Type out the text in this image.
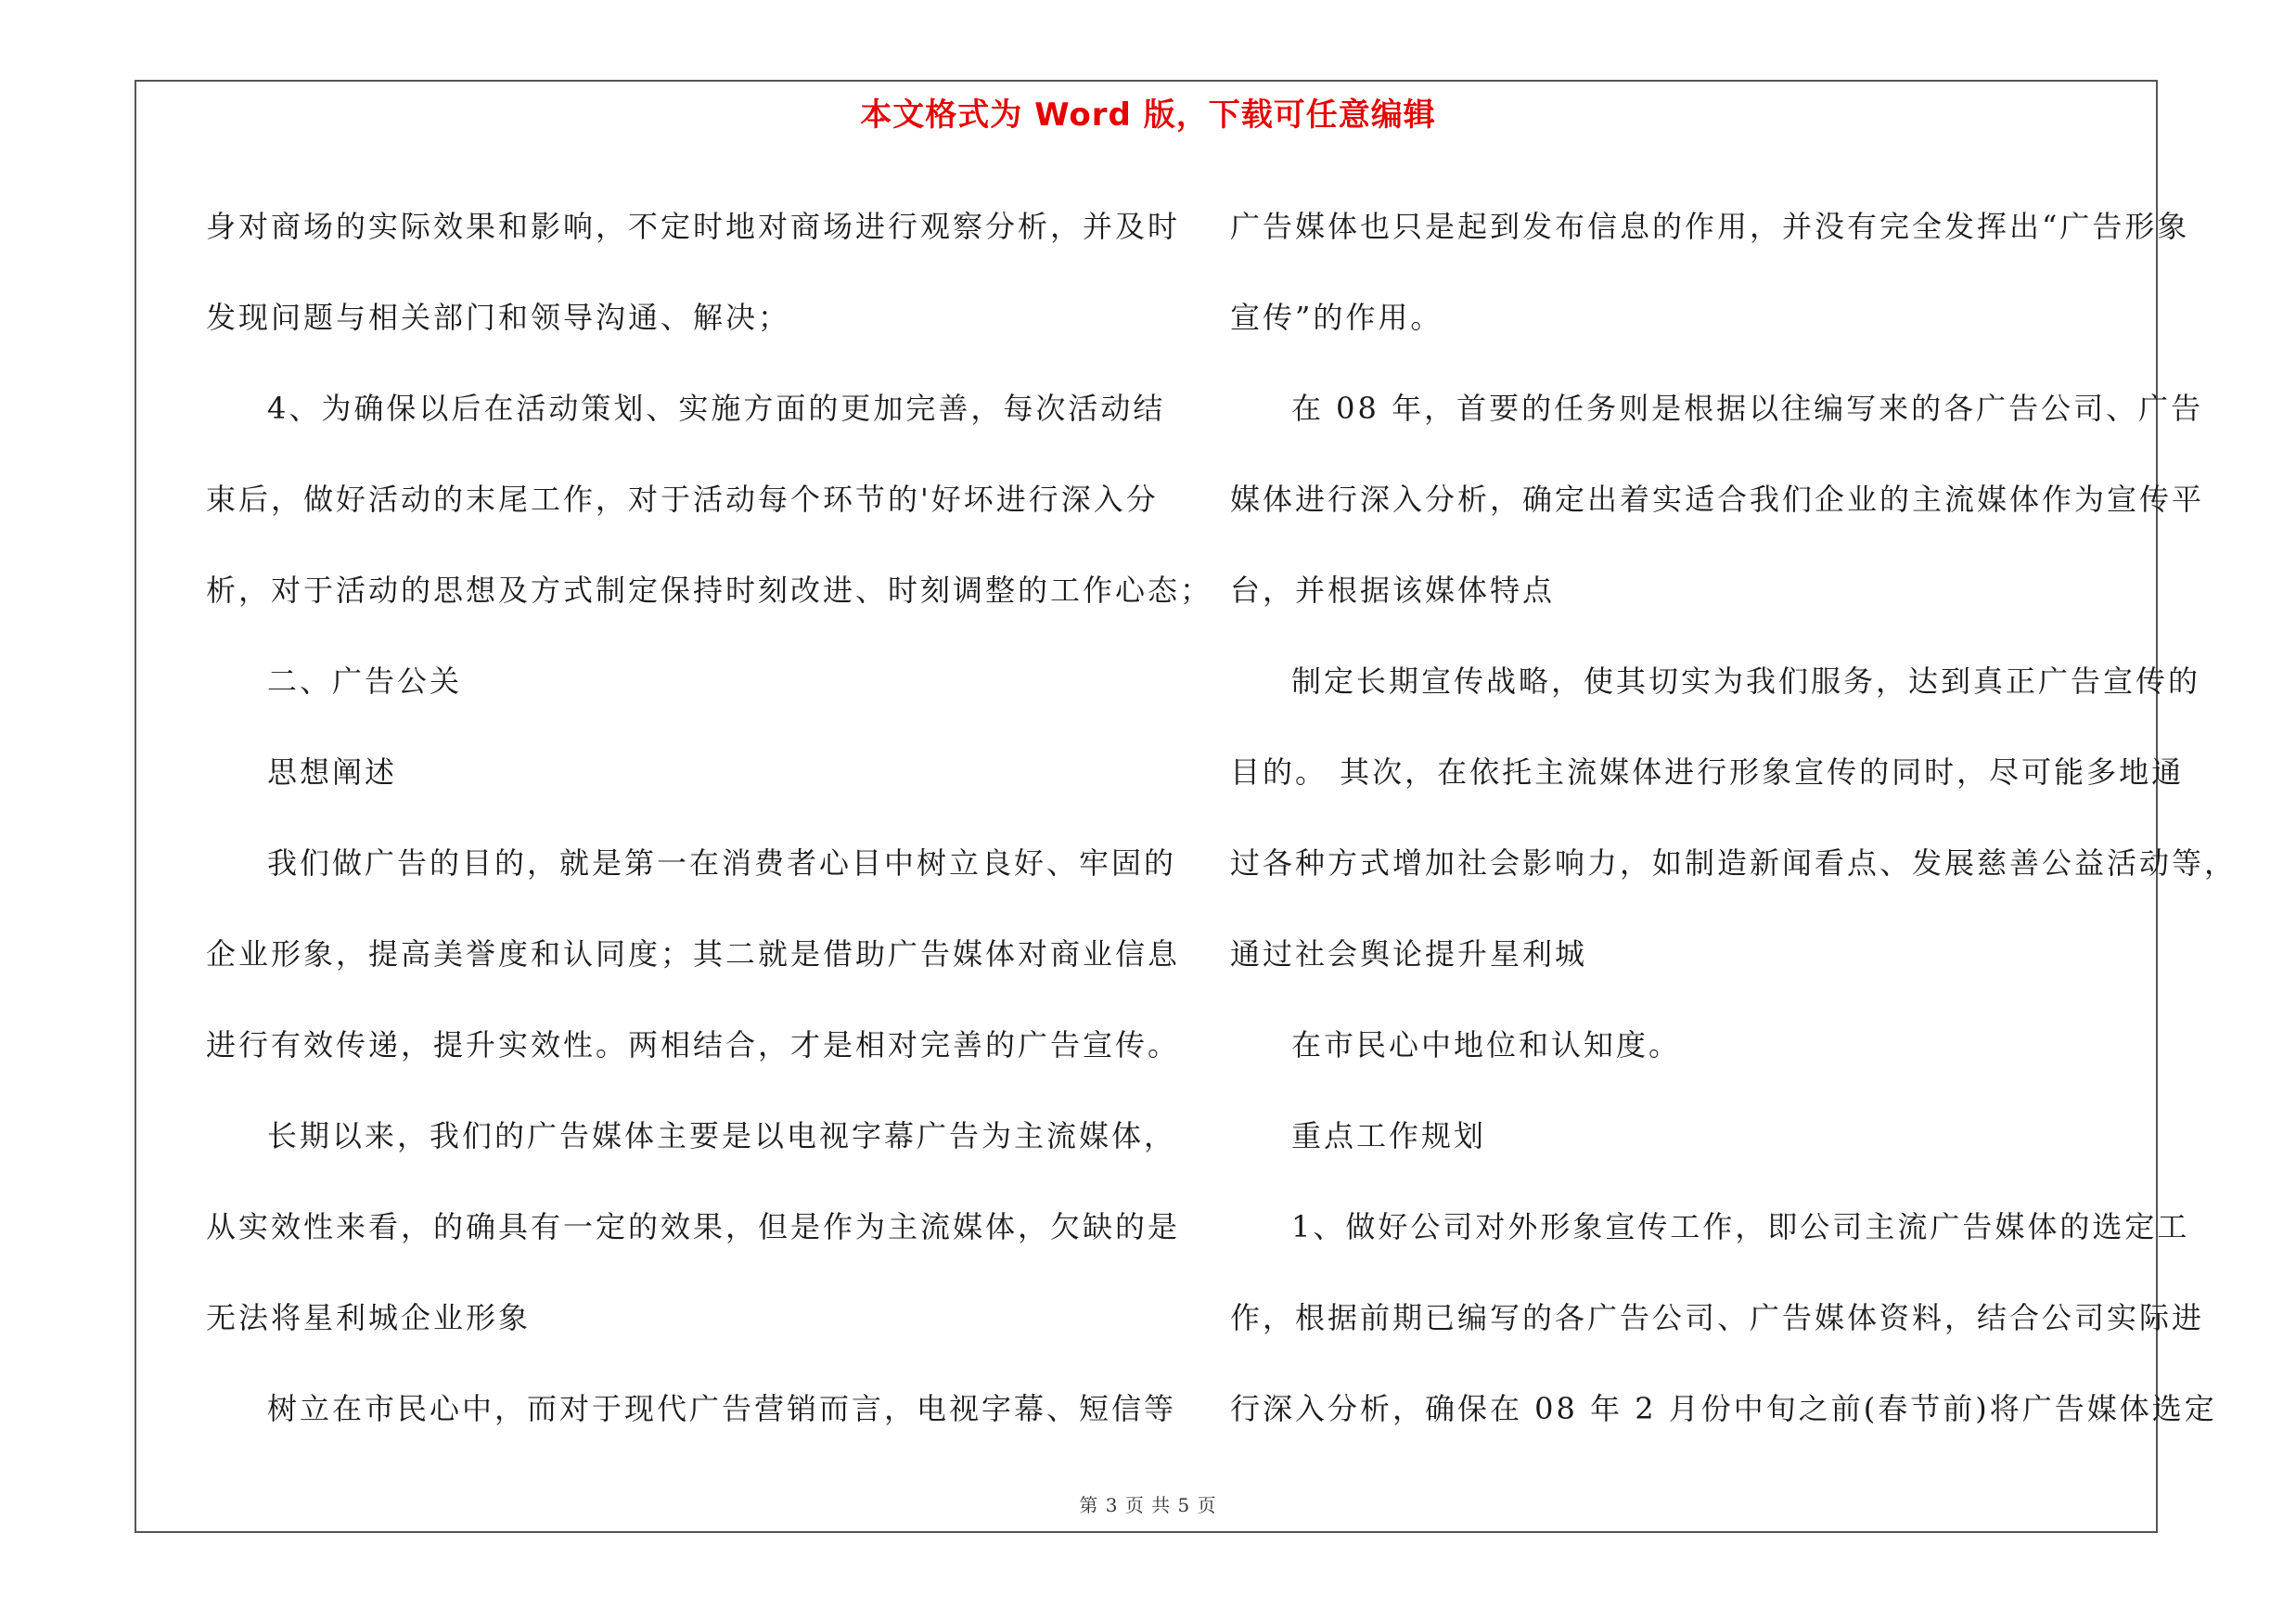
本文格式为 Word 版，下载可任意编辑

身对商场的实际效果和影响，不定时地对商场进行观察分析，并及时

发现问题与相关部门和领导沟通、解决；

4、为确保以后在活动策划、实施方面的更加完善，每次活动结

束后，做好活动的末尾工作，对于活动每个环节的'好坏进行深入分

析，对于活动的思想及方式制定保持时刻改进、时刻调整的工作心态；

二、广告公关

思想阐述

我们做广告的目的，就是第一在消费者心目中树立良好、牢固的

企业形象，提高美誉度和认同度；其二就是借助广告媒体对商业信息

进行有效传递，提升实效性。两相结合，才是相对完善的广告宣传。

长期以来，我们的广告媒体主要是以电视字幕广告为主流媒体，

从实效性来看，的确具有一定的效果，但是作为主流媒体，欠缺的是

无法将星利城企业形象

树立在市民心中，而对于现代广告营销而言，电视字幕、短信等

广告媒体也只是起到发布信息的作用，并没有完全发挥出“广告形象

宣传”的作用。

在 08 年，首要的任务则是根据以往编写来的各广告公司、广告

媒体进行深入分析，确定出着实适合我们企业的主流媒体作为宣传平

台，并根据该媒体特点

制定长期宣传战略，使其切实为我们服务，达到真正广告宣传的

目的。 其次，在依托主流媒体进行形象宣传的同时，尽可能多地通

过各种方式增加社会影响力，如制造新闻看点、发展慈善公益活动等，

通过社会舆论提升星利城

在市民心中地位和认知度。

重点工作规划

1、做好公司对外形象宣传工作，即公司主流广告媒体的选定工

作，根据前期已编写的各广告公司、广告媒体资料，结合公司实际进

行深入分析，确保在 08 年 2 月份中旬之前(春节前)将广告媒体选定

第 3 页 共 5 页
